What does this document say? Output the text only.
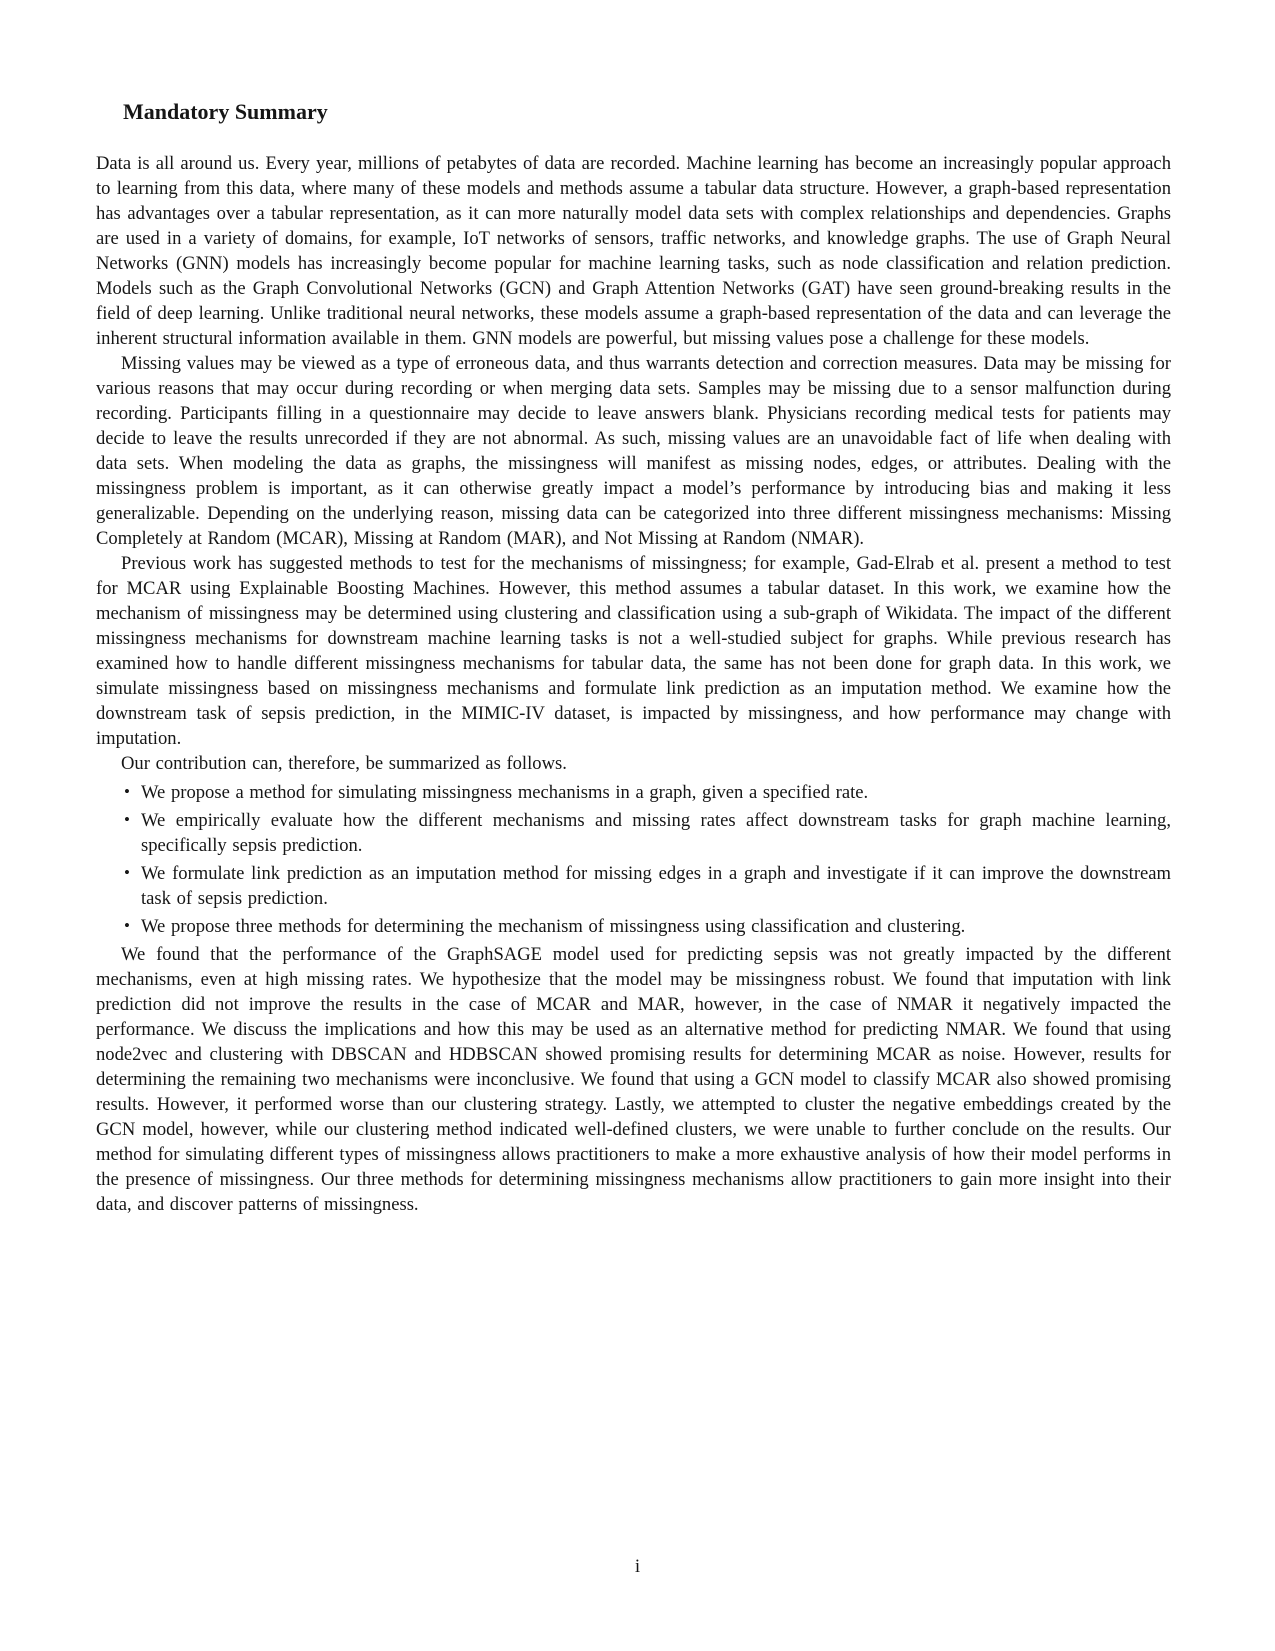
Mandatory Summary

Data is all around us. Every year, millions of petabytes of data are recorded. Machine learning has become an increasingly popular approach to learning from this data, where many of these models and methods assume a tabular data structure. However, a graph-based representation has advantages over a tabular representation, as it can more naturally model data sets with complex relationships and dependencies. Graphs are used in a variety of domains, for example, IoT networks of sensors, traffic networks, and knowledge graphs. The use of Graph Neural Networks (GNN) models has increasingly become popular for machine learning tasks, such as node classification and relation prediction. Models such as the Graph Convolutional Networks (GCN) and Graph Attention Networks (GAT) have seen ground-breaking results in the field of deep learning. Unlike traditional neural networks, these models assume a graph-based representation of the data and can leverage the inherent structural information available in them. GNN models are powerful, but missing values pose a challenge for these models.

Missing values may be viewed as a type of erroneous data, and thus warrants detection and correction measures. Data may be missing for various reasons that may occur during recording or when merging data sets. Samples may be missing due to a sensor malfunction during recording. Participants filling in a questionnaire may decide to leave answers blank. Physicians recording medical tests for patients may decide to leave the results unrecorded if they are not abnormal. As such, missing values are an unavoidable fact of life when dealing with data sets. When modeling the data as graphs, the missingness will manifest as missing nodes, edges, or attributes. Dealing with the missingness problem is important, as it can otherwise greatly impact a model’s performance by introducing bias and making it less generalizable. Depending on the underlying reason, missing data can be categorized into three different missingness mechanisms: Missing Completely at Random (MCAR), Missing at Random (MAR), and Not Missing at Random (NMAR).

Previous work has suggested methods to test for the mechanisms of missingness; for example, Gad-Elrab et al. present a method to test for MCAR using Explainable Boosting Machines. However, this method assumes a tabular dataset. In this work, we examine how the mechanism of missingness may be determined using clustering and classification using a sub-graph of Wikidata. The impact of the different missingness mechanisms for downstream machine learning tasks is not a well-studied subject for graphs. While previous research has examined how to handle different missingness mechanisms for tabular data, the same has not been done for graph data. In this work, we simulate missingness based on missingness mechanisms and formulate link prediction as an imputation method. We examine how the downstream task of sepsis prediction, in the MIMIC-IV dataset, is impacted by missingness, and how performance may change with imputation.

Our contribution can, therefore, be summarized as follows.

• We propose a method for simulating missingness mechanisms in a graph, given a specified rate.
• We empirically evaluate how the different mechanisms and missing rates affect downstream tasks for graph machine learning, specifically sepsis prediction.
• We formulate link prediction as an imputation method for missing edges in a graph and investigate if it can improve the downstream task of sepsis prediction.
• We propose three methods for determining the mechanism of missingness using classification and clustering.

We found that the performance of the GraphSAGE model used for predicting sepsis was not greatly impacted by the different mechanisms, even at high missing rates. We hypothesize that the model may be missingness robust. We found that imputation with link prediction did not improve the results in the case of MCAR and MAR, however, in the case of NMAR it negatively impacted the performance. We discuss the implications and how this may be used as an alternative method for predicting NMAR. We found that using node2vec and clustering with DBSCAN and HDBSCAN showed promising results for determining MCAR as noise. However, results for determining the remaining two mechanisms were inconclusive. We found that using a GCN model to classify MCAR also showed promising results. However, it performed worse than our clustering strategy. Lastly, we attempted to cluster the negative embeddings created by the GCN model, however, while our clustering method indicated well-defined clusters, we were unable to further conclude on the results. Our method for simulating different types of missingness allows practitioners to make a more exhaustive analysis of how their model performs in the presence of missingness. Our three methods for determining missingness mechanisms allow practitioners to gain more insight into their data, and discover patterns of missingness.

i
